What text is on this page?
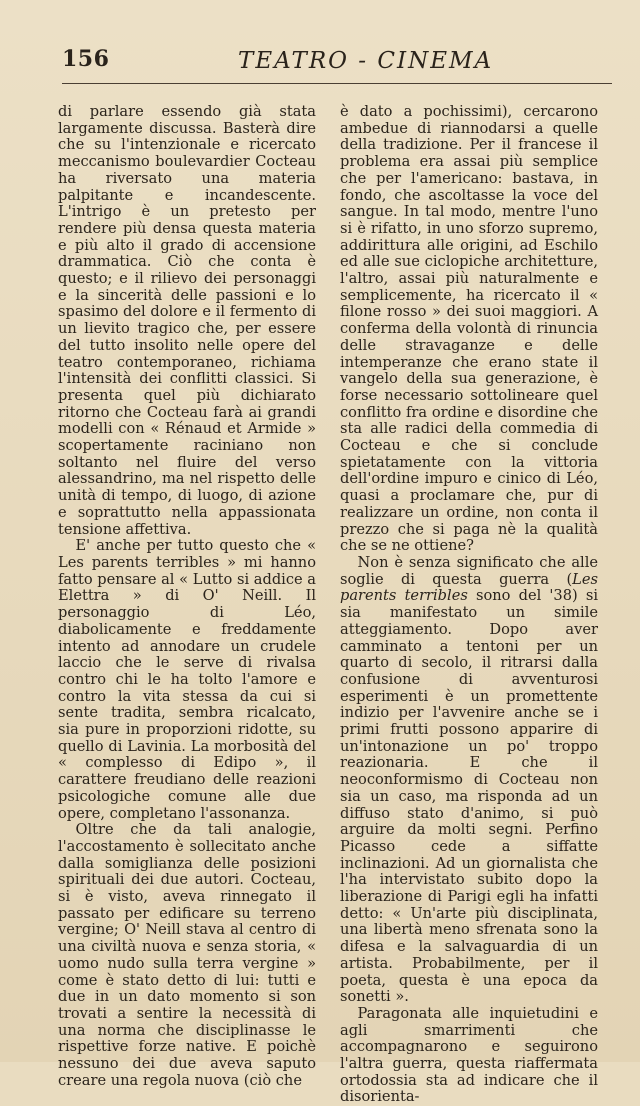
156	TEATRO - CINEMA

di parlare essendo già stata largamente discussa. Basterà dire che su l'intenzionale e ricercato meccanismo boulevardier Cocteau ha riversato una materia palpitante e incandescente. L'intrigo è un pretesto per rendere più densa questa materia e più alto il grado di accensione drammatica. Ciò che conta è questo; e il rilievo dei personaggi e la sincerità delle passioni e lo spasimo del dolore e il fermento di un lievito tragico che, per essere del tutto insolito nelle opere del teatro contemporaneo, richiama l'intensità dei conflitti classici. Si presenta quel più dichiarato ritorno che Cocteau farà ai grandi modelli con « Rénaud et Armide » scopertamente raciniano non soltanto nel fluire del verso alessandrino, ma nel rispetto delle unità di tempo, di luogo, di azione e soprattutto nella appassionata tensione affettiva.

E' anche per tutto questo che « Les parents terribles » mi hanno fatto pensare al « Lutto si addice a Elettra » di O' Neill. Il personaggio di Léo, diabolicamente e freddamente intento ad annodare un crudele laccio che le serve di rivalsa contro chi le ha tolto l'amore e contro la vita stessa da cui si sente tradita, sembra ricalcato, sia pure in proporzioni ridotte, su quello di Lavinia. La morbosità del « complesso di Edipo », il carattere freudiano delle reazioni psicologiche comune alle due opere, completano l'assonanza.

Oltre che da tali analogie, l'accostamento è sollecitato anche dalla somiglianza delle posizioni spirituali dei due autori. Cocteau, si è visto, aveva rinnegato il passato per edificare su terreno vergine; O' Neill stava al centro di una civiltà nuova e senza storia, « uomo nudo sulla terra vergine » come è stato detto di lui: tutti e due in un dato momento si son trovati a sentire la necessità di una norma che disciplinasse le rispettive forze native. E poichè nessuno dei due aveva saputo creare una regola nuova (ciò che

è dato a pochissimi), cercarono ambedue di riannodarsi a quelle della tradizione. Per il francese il problema era assai più semplice che per l'americano: bastava, in fondo, che ascoltasse la voce del sangue. In tal modo, mentre l'uno si è rifatto, in uno sforzo supremo, addirittura alle origini, ad Eschilo ed alle sue ciclopiche architetture, l'altro, assai più naturalmente e semplicemente, ha ricercato il « filone rosso » dei suoi maggiori. A conferma della volontà di rinuncia delle stravaganze e delle intemperanze che erano state il vangelo della sua generazione, è forse necessario sottolineare quel conflitto fra ordine e disordine che sta alle radici della commedia di Cocteau e che si conclude spietatamente con la vittoria dell'ordine impuro e cinico di Léo, quasi a proclamare che, pur di realizzare un ordine, non conta il prezzo che si paga nè la qualità che se ne ottiene?

Non è senza significato che alle soglie di questa guerra (Les parents terribles sono del '38) si sia manifestato un simile atteggiamento. Dopo aver camminato a tentoni per un quarto di secolo, il ritrarsi dalla confusione di avventurosi esperimenti è un promettente indizio per l'avvenire anche se i primi frutti possono apparire di un'intonazione un po' troppo reazionaria. E che il neoconformismo di Cocteau non sia un caso, ma risponda ad un diffuso stato d'animo, si può arguire da molti segni. Perfino Picasso cede a siffatte inclinazioni. Ad un giornalista che l'ha intervistato subito dopo la liberazione di Parigi egli ha infatti detto: « Un'arte più disciplinata, una libertà meno sfrenata sono la difesa e la salvaguardia di un artista. Probabilmente, per il poeta, questa è una epoca da sonetti ».

Paragonata alle inquietudini e agli smarrimenti che accompagnarono e seguirono l'altra guerra, questa riaffermata ortodossia sta ad indicare che il disorienta-
